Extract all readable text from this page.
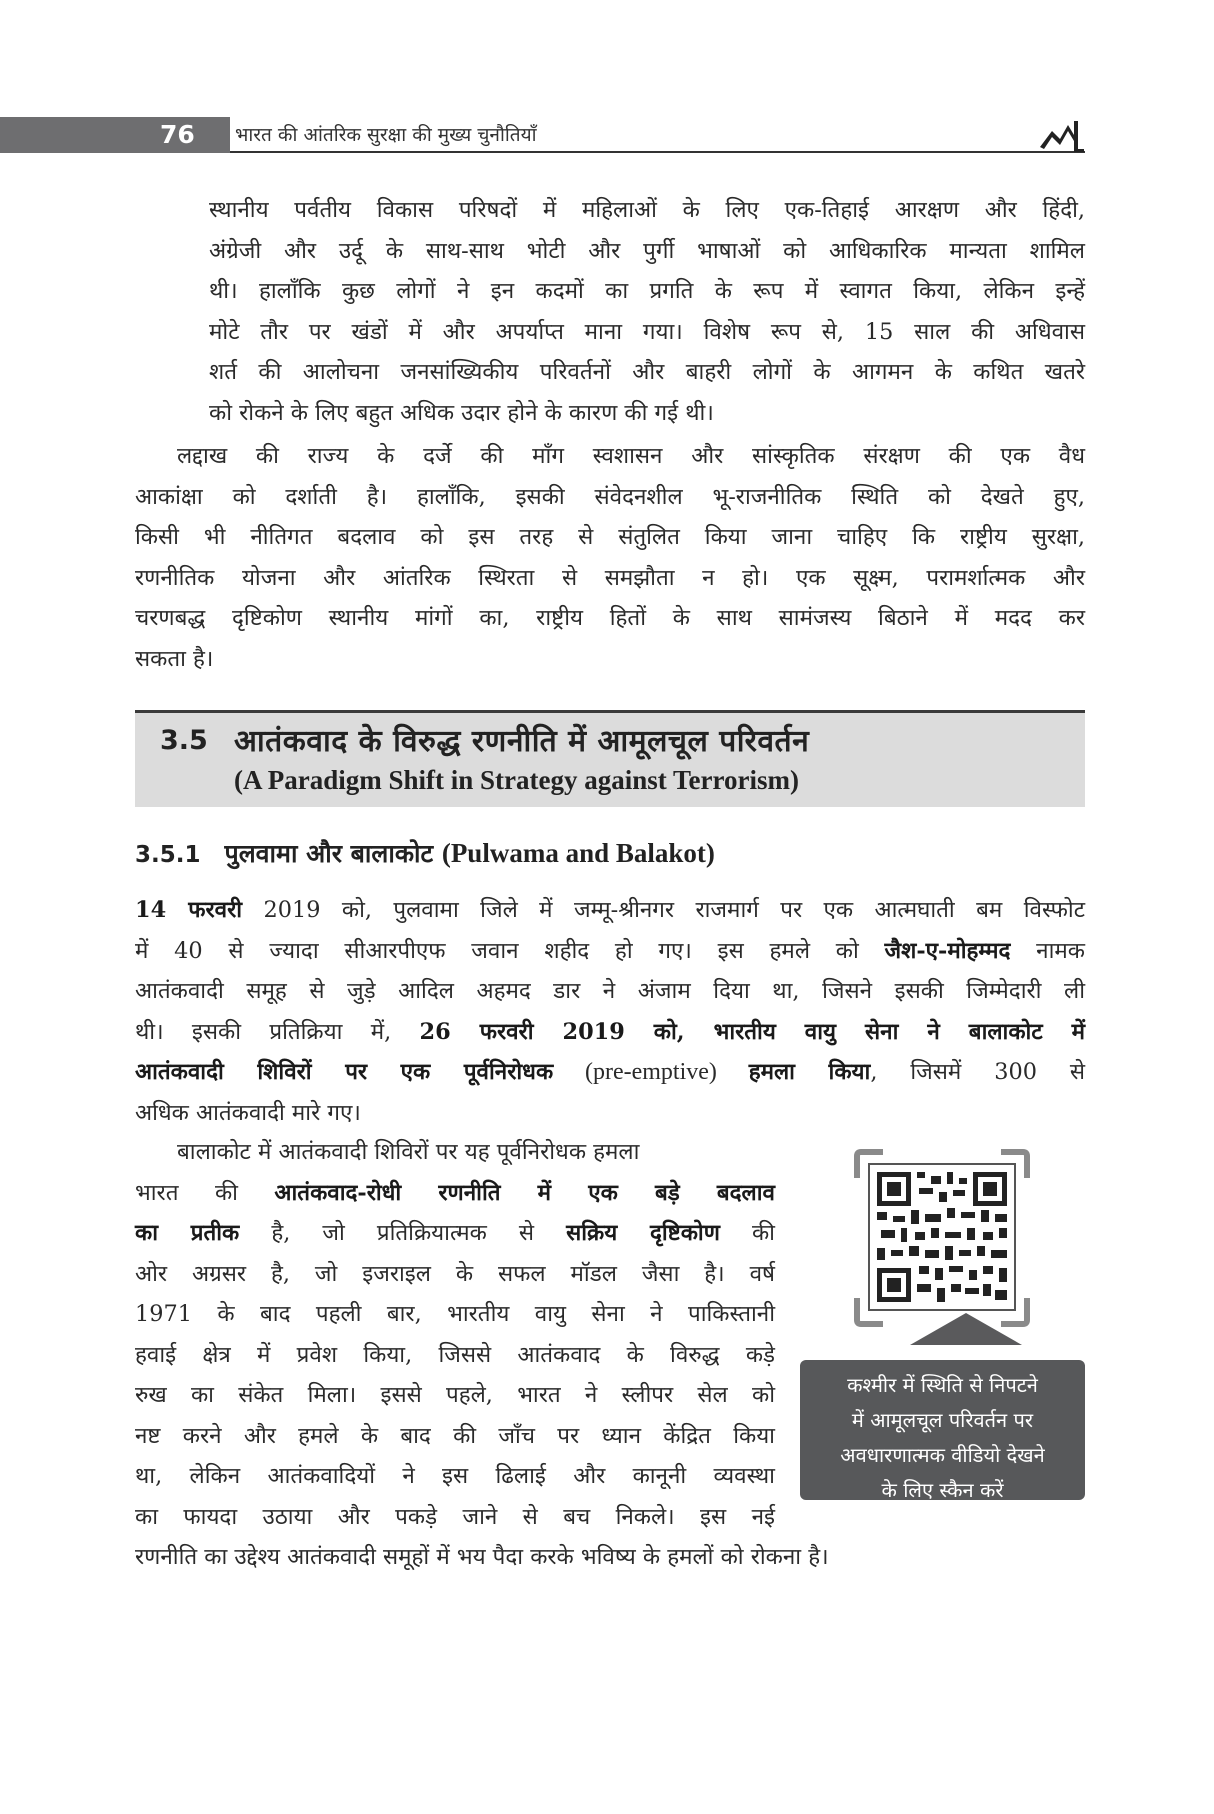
76	भारत की आंतरिक सुरक्षा की मुख्य चुनौतियाँ
स्थानीय पर्वतीय विकास परिषदों में महिलाओं के लिए एक-तिहाई आरक्षण और हिंदी,
अंग्रेजी और उर्दू के साथ-साथ भोटी और पुर्गी भाषाओं को आधिकारिक मान्यता शामिल
थी। हालाँकि कुछ लोगों ने इन कदमों का प्रगति के रूप में स्वागत किया, लेकिन इन्हें
मोटे तौर पर खंडों में और अपर्याप्त माना गया। विशेष रूप से, 15 साल की अधिवास
शर्त की आलोचना जनसांख्यिकीय परिवर्तनों और बाहरी लोगों के आगमन के कथित खतरे
को रोकने के लिए बहुत अधिक उदार होने के कारण की गई थी।
लद्दाख की राज्य के दर्जे की माँग स्वशासन और सांस्कृतिक संरक्षण की एक वैध
आकांक्षा को दर्शाती है। हालाँकि, इसकी संवेदनशील भू-राजनीतिक स्थिति को देखते हुए,
किसी भी नीतिगत बदलाव को इस तरह से संतुलित किया जाना चाहिए कि राष्ट्रीय सुरक्षा,
रणनीतिक योजना और आंतरिक स्थिरता से समझौता न हो। एक सूक्ष्म, परामर्शात्मक और
चरणबद्ध दृष्टिकोण स्थानीय मांगों का, राष्ट्रीय हितों के साथ सामंजस्य बिठाने में मदद कर
सकता है।
3.5 आतंकवाद के विरुद्ध रणनीति में आमूलचूल परिवर्तन
(A Paradigm Shift in Strategy against Terrorism)
3.5.1 पुलवामा और बालाकोट (Pulwama and Balakot)
14 फरवरी 2019 को, पुलवामा जिले में जम्मू-श्रीनगर राजमार्ग पर एक आत्मघाती बम विस्फोट
में 40 से ज्यादा सीआरपीएफ जवान शहीद हो गए। इस हमले को जैश-ए-मोहम्मद नामक
आतंकवादी समूह से जुड़े आदिल अहमद डार ने अंजाम दिया था, जिसने इसकी जिम्मेदारी ली
थी। इसकी प्रतिक्रिया में, 26 फरवरी 2019 को, भारतीय वायु सेना ने बालाकोट में
आतंकवादी शिविरों पर एक पूर्वनिरोधक (pre-emptive) हमला किया, जिसमें 300 से
अधिक आतंकवादी मारे गए।
बालाकोट में आतंकवादी शिविरों पर यह पूर्वनिरोधक हमला
भारत की आतंकवाद-रोधी रणनीति में एक बड़े बदलाव
का प्रतीक है, जो प्रतिक्रियात्मक से सक्रिय दृष्टिकोण की
ओर अग्रसर है, जो इजराइल के सफल मॉडल जैसा है। वर्ष
1971 के बाद पहली बार, भारतीय वायु सेना ने पाकिस्तानी
हवाई क्षेत्र में प्रवेश किया, जिससे आतंकवाद के विरुद्ध कड़े
रुख का संकेत मिला। इससे पहले, भारत ने स्लीपर सेल को
नष्ट करने और हमले के बाद की जाँच पर ध्यान केंद्रित किया
था, लेकिन आतंकवादियों ने इस ढिलाई और कानूनी व्यवस्था
का फायदा उठाया और पकड़े जाने से बच निकले। इस नई
रणनीति का उद्देश्य आतंकवादी समूहों में भय पैदा करके भविष्य के हमलों को रोकना है।
कश्मीर में स्थिति से निपटने
में आमूलचूल परिवर्तन पर
अवधारणात्मक वीडियो देखने
के लिए स्कैन करें
